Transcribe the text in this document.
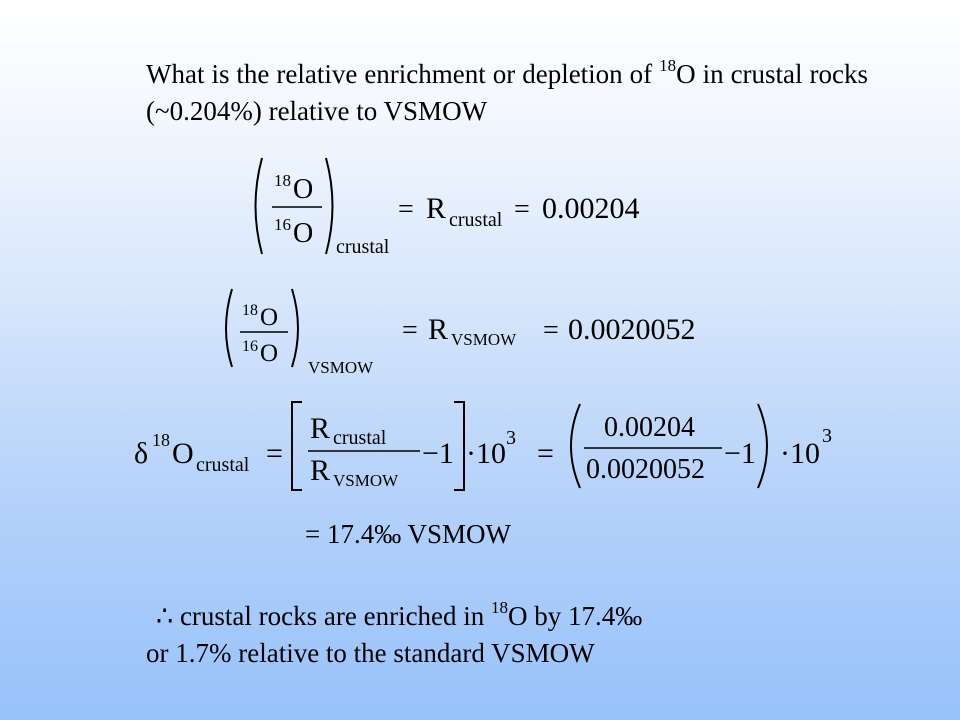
What is the relative enrichment or depletion of $^{18}$O in crustal rocks (~0.204%) relative to VSMOW
18 O
16 O crustal
= R crustal = 0.00204
18 O
16 O
VSMOW
= R VSMOW = 0.0020052
δ 18 O crustal =
R crustal
R VSMOW
−1 · 10 3 =
0.00204
0.0020052 −1 · 10
3
= 17.4‰ VSMOW
∴ crustal rocks are enriched in $^{18}$O by 17.4‰
or 1.7% relative to the standard VSMOW
